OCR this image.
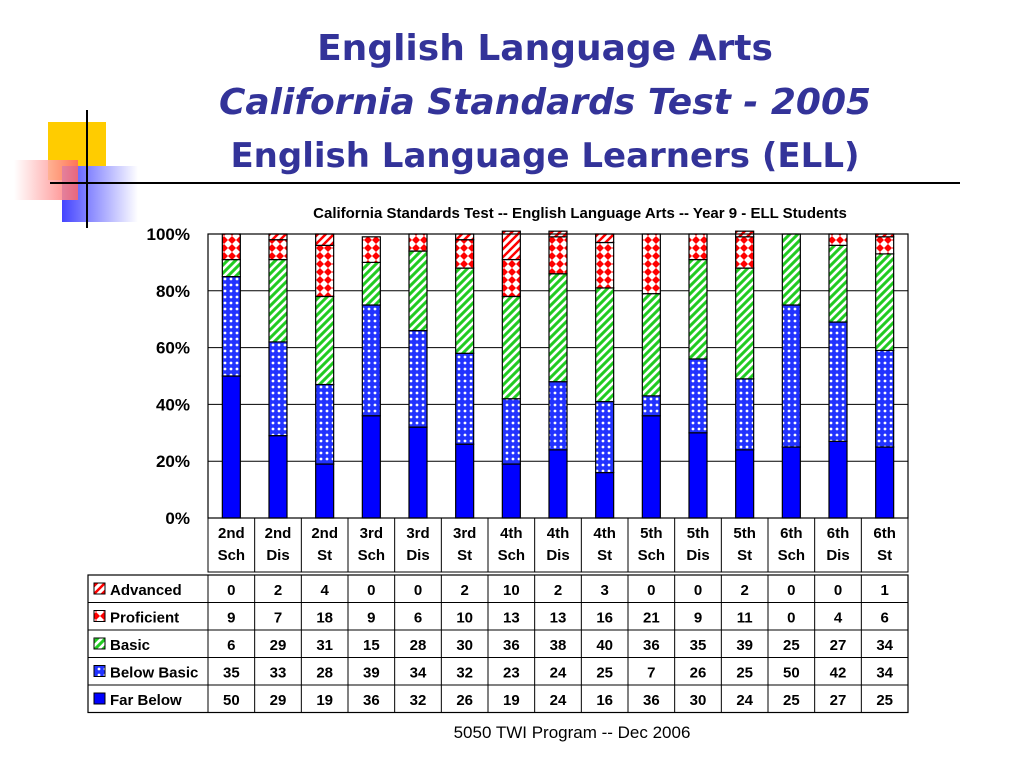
English Language Arts
California Standards Test - 2005
English Language Learners (ELL)
California Standards Test -- English Language Arts -- Year 9 - ELL Students
0%
20%
40%
60%
80%
100%
2nd
Sch
2nd
Dis
2nd
St
3rd
Sch
3rd
Dis
3rd
St
4th
Sch
4th
Dis
4th
St
5th
Sch
5th
Dis
5th
St
6th
Sch
6th
Dis
6th
St
Advanced	0	2	4	0	0	2 10 2	3	0	0	2	0	0	1
Proficient	9	7 18 9	6 10 13 13 16 21 9 11 0	4	6
Basic	6 29 31 15 28 30 36 38 40 36 35 39 25 27 34
Below Basic 35 33 28 39 34 32 23 24 25 7 26 25 50 42 34
Far Below	50 29 19 36 32 26 19 24 16 36 30 24 25 27 25
5050 TWI Program -- Dec 2006
